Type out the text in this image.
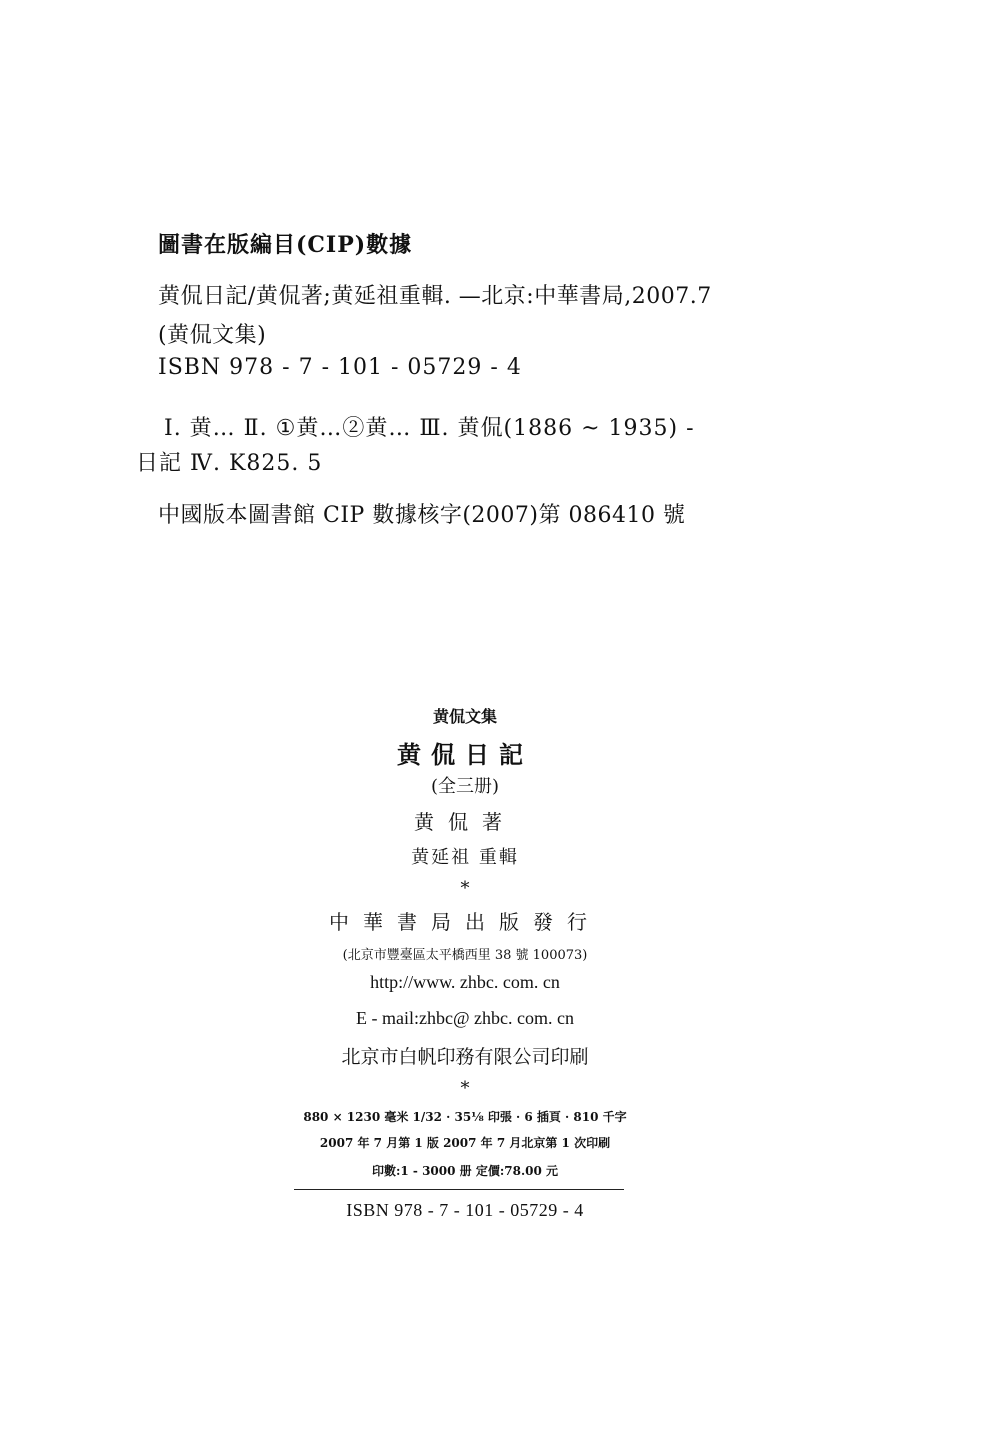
圖書在版編目(CIP)數據
黄侃日記/黄侃著;黄延祖重輯. —北京:中華書局,2007.7
(黄侃文集)
ISBN 978 - 7 - 101 - 05729 - 4
Ⅰ. 黄… Ⅱ. ①黄…②黄… Ⅲ. 黄侃(1886 ~ 1935) -
日記 Ⅳ. K825. 5
中國版本圖書館 CIP 數據核字(2007)第 086410 號
黄侃文集
黄侃日記
(全三册)
黄侃著
黄延祖 重輯
*
中華書局出版發行
(北京市豐臺區太平橋西里 38 號 100073)
http://www. zhbc. com. cn
E - mail:zhbc@ zhbc. com. cn
北京市白帆印務有限公司印刷
*
880 × 1230 毫米 1/32 · 35⅛ 印張 · 6 插頁 · 810 千字
2007 年 7 月第 1 版 2007 年 7 月北京第 1 次印刷
印數:1 - 3000 册 定價:78.00 元
ISBN 978 - 7 - 101 - 05729 - 4
